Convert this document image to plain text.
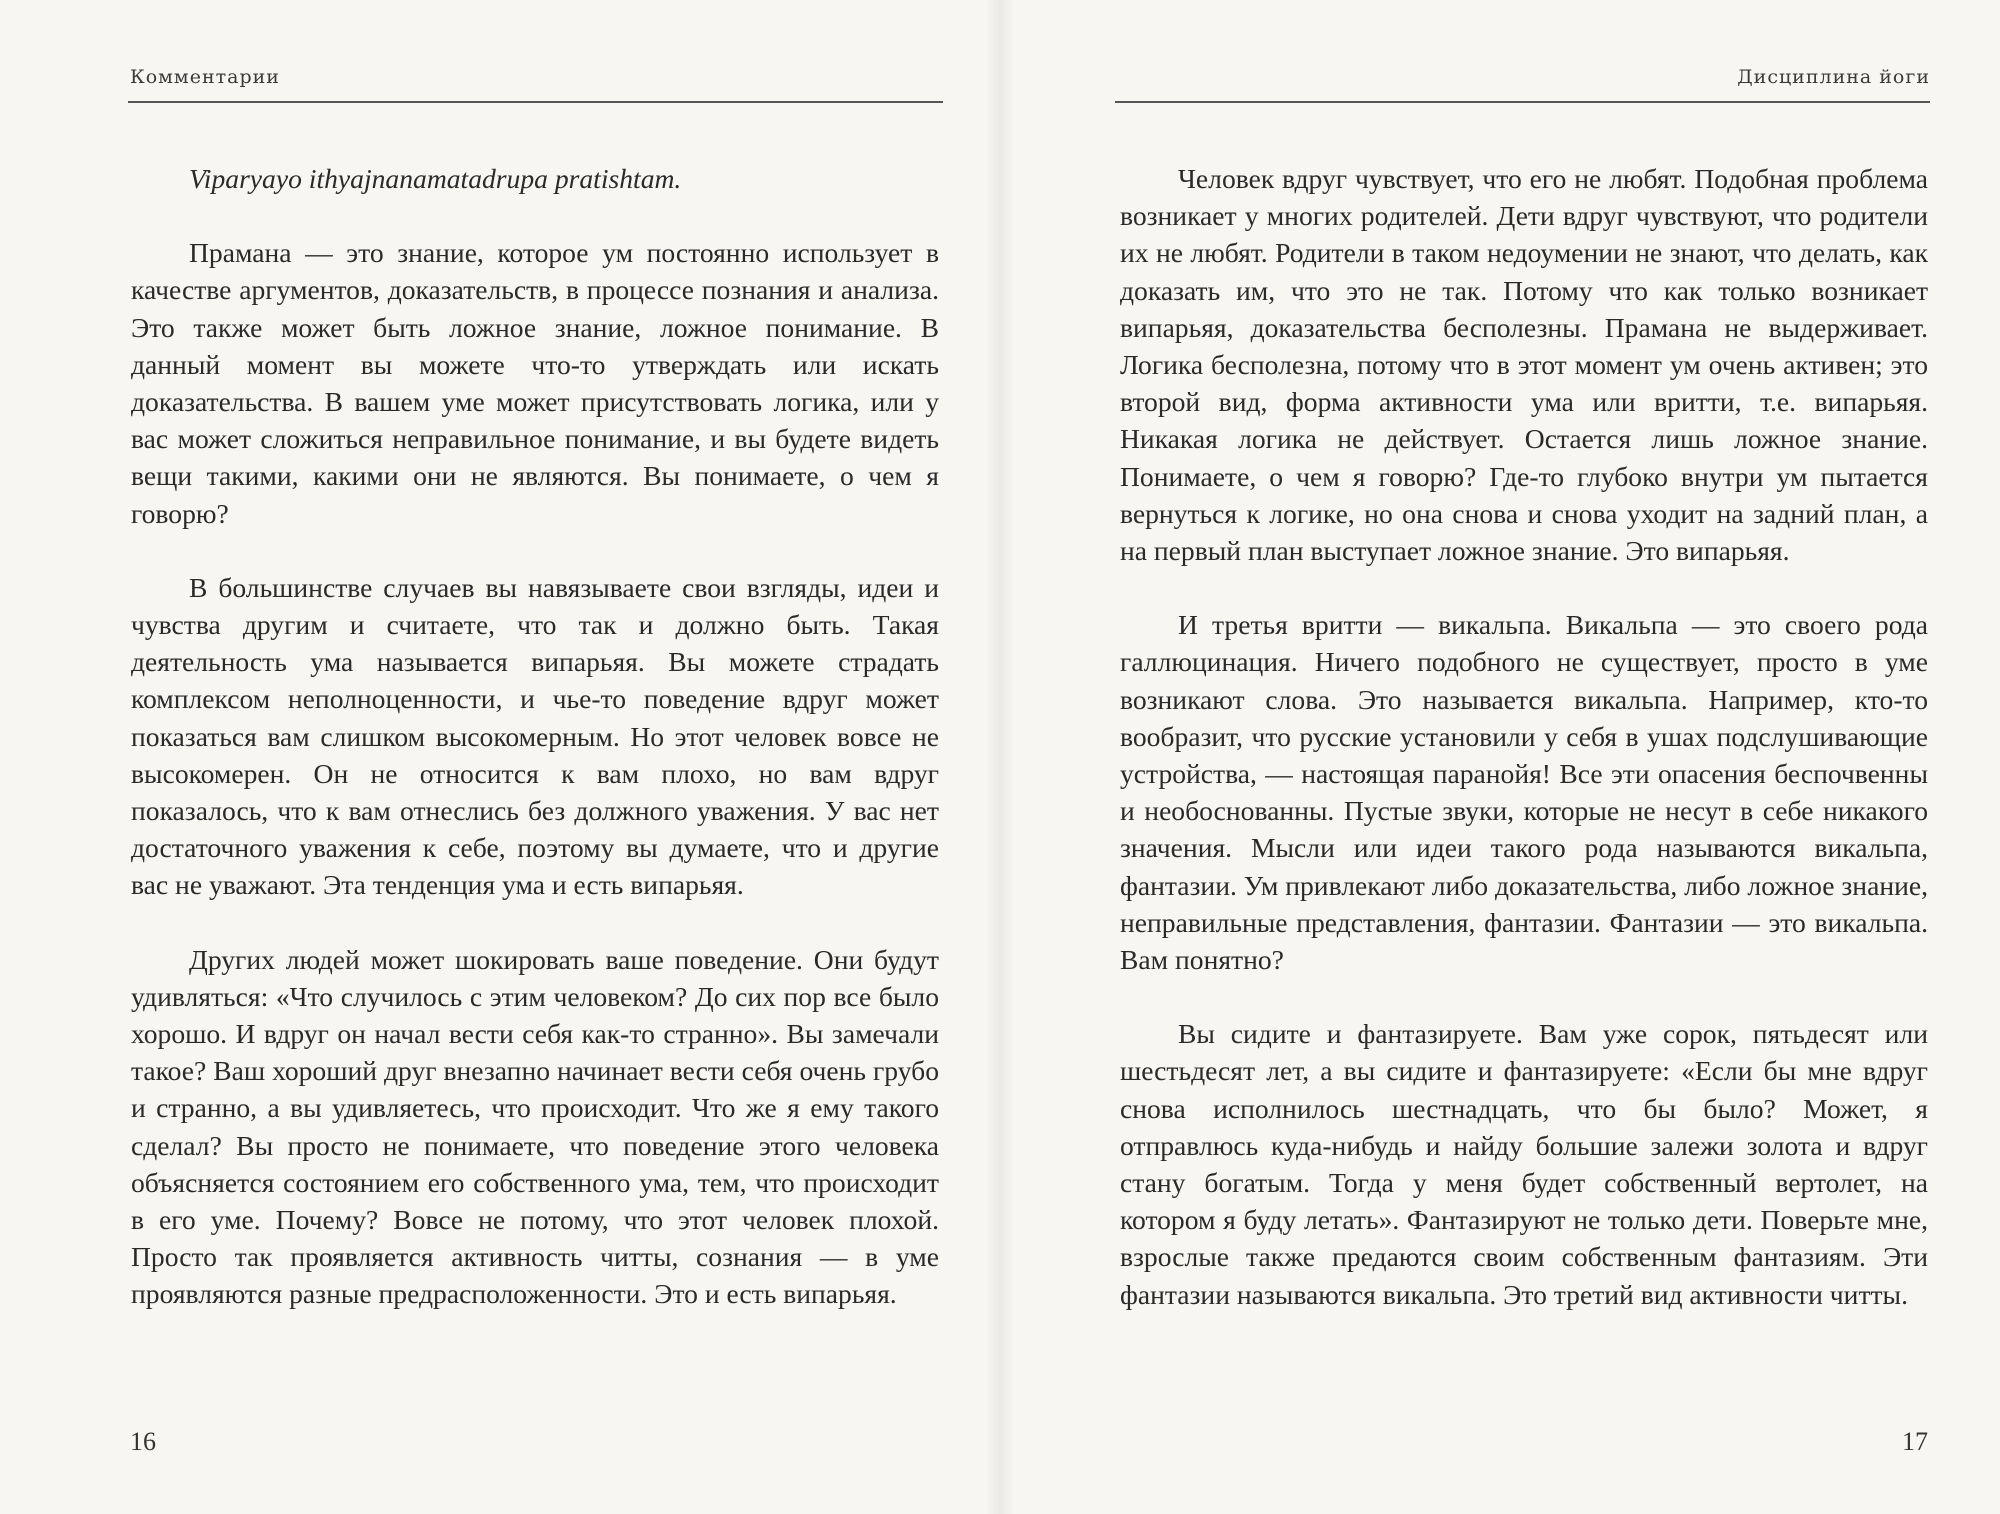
Комментарии

Viparyayo ithyajnanamatadrupa pratishtam.

Прамана — это знание, которое ум постоянно использует в качестве аргументов, доказательств, в процессе познания и анализа. Это также может быть ложное знание, ложное понимание. В данный момент вы можете что-то утверждать или искать доказательства. В вашем уме может присутствовать логика, или у вас может сложиться неправильное понимание, и вы будете видеть вещи такими, какими они не являются. Вы понимаете, о чем я говорю?

В большинстве случаев вы навязываете свои взгляды, идеи и чувства другим и считаете, что так и должно быть. Такая деятельность ума называется випарьяя. Вы можете страдать комплексом неполноценности, и чье-то поведение вдруг может показаться вам слишком высокомерным. Но этот человек вовсе не высокомерен. Он не относится к вам плохо, но вам вдруг показалось, что к вам отнеслись без должного уважения. У вас нет достаточного уважения к себе, поэтому вы думаете, что и другие вас не уважают. Эта тенденция ума и есть випарьяя.

Других людей может шокировать ваше поведение. Они будут удивляться: «Что случилось с этим человеком? До сих пор все было хорошо. И вдруг он начал вести себя как-то странно». Вы замечали такое? Ваш хороший друг внезапно начинает вести себя очень грубо и странно, а вы удивляетесь, что происходит. Что же я ему такого сделал? Вы просто не понимаете, что поведение этого человека объясняется состоянием его собственного ума, тем, что происходит в его уме. Почему? Вовсе не потому, что этот человек плохой. Просто так проявляется активность читты, сознания — в уме проявляются разные предрасположенности. Это и есть випарьяя.

16
Дисциплина йоги

Человек вдруг чувствует, что его не любят. Подобная проблема возникает у многих родителей. Дети вдруг чувствуют, что родители их не любят. Родители в таком недоумении не знают, что делать, как доказать им, что это не так. Потому что как только возникает випарьяя, доказательства бесполезны. Прамана не выдерживает. Логика бесполезна, потому что в этот момент ум очень активен; это второй вид, форма активности ума или вритти, т.е. випарьяя. Никакая логика не действует. Остается лишь ложное знание. Понимаете, о чем я говорю? Где-то глубоко внутри ум пытается вернуться к логике, но она снова и снова уходит на задний план, а на первый план выступает ложное знание. Это випарьяя.

И третья вритти — викальпа. Викальпа — это своего рода галлюцинация. Ничего подобного не существует, просто в уме возникают слова. Это называется викальпа. Например, кто-то вообразит, что русские установили у себя в ушах подслушивающие устройства, — настоящая паранойя! Все эти опасения беспочвенны и необоснованны. Пустые звуки, которые не несут в себе никакого значения. Мысли или идеи такого рода называются викальпа, фантазии. Ум привлекают либо доказательства, либо ложное знание, неправильные представления, фантазии. Фантазии — это викальпа. Вам понятно?

Вы сидите и фантазируете. Вам уже сорок, пятьдесят или шестьдесят лет, а вы сидите и фантазируете: «Если бы мне вдруг снова исполнилось шестнадцать, что бы было? Может, я отправлюсь куда-нибудь и найду большие залежи золота и вдруг стану богатым. Тогда у меня будет собственный вертолет, на котором я буду летать». Фантазируют не только дети. Поверьте мне, взрослые также предаются своим собственным фантазиям. Эти фантазии называются викальпа. Это третий вид активности читты.

17
